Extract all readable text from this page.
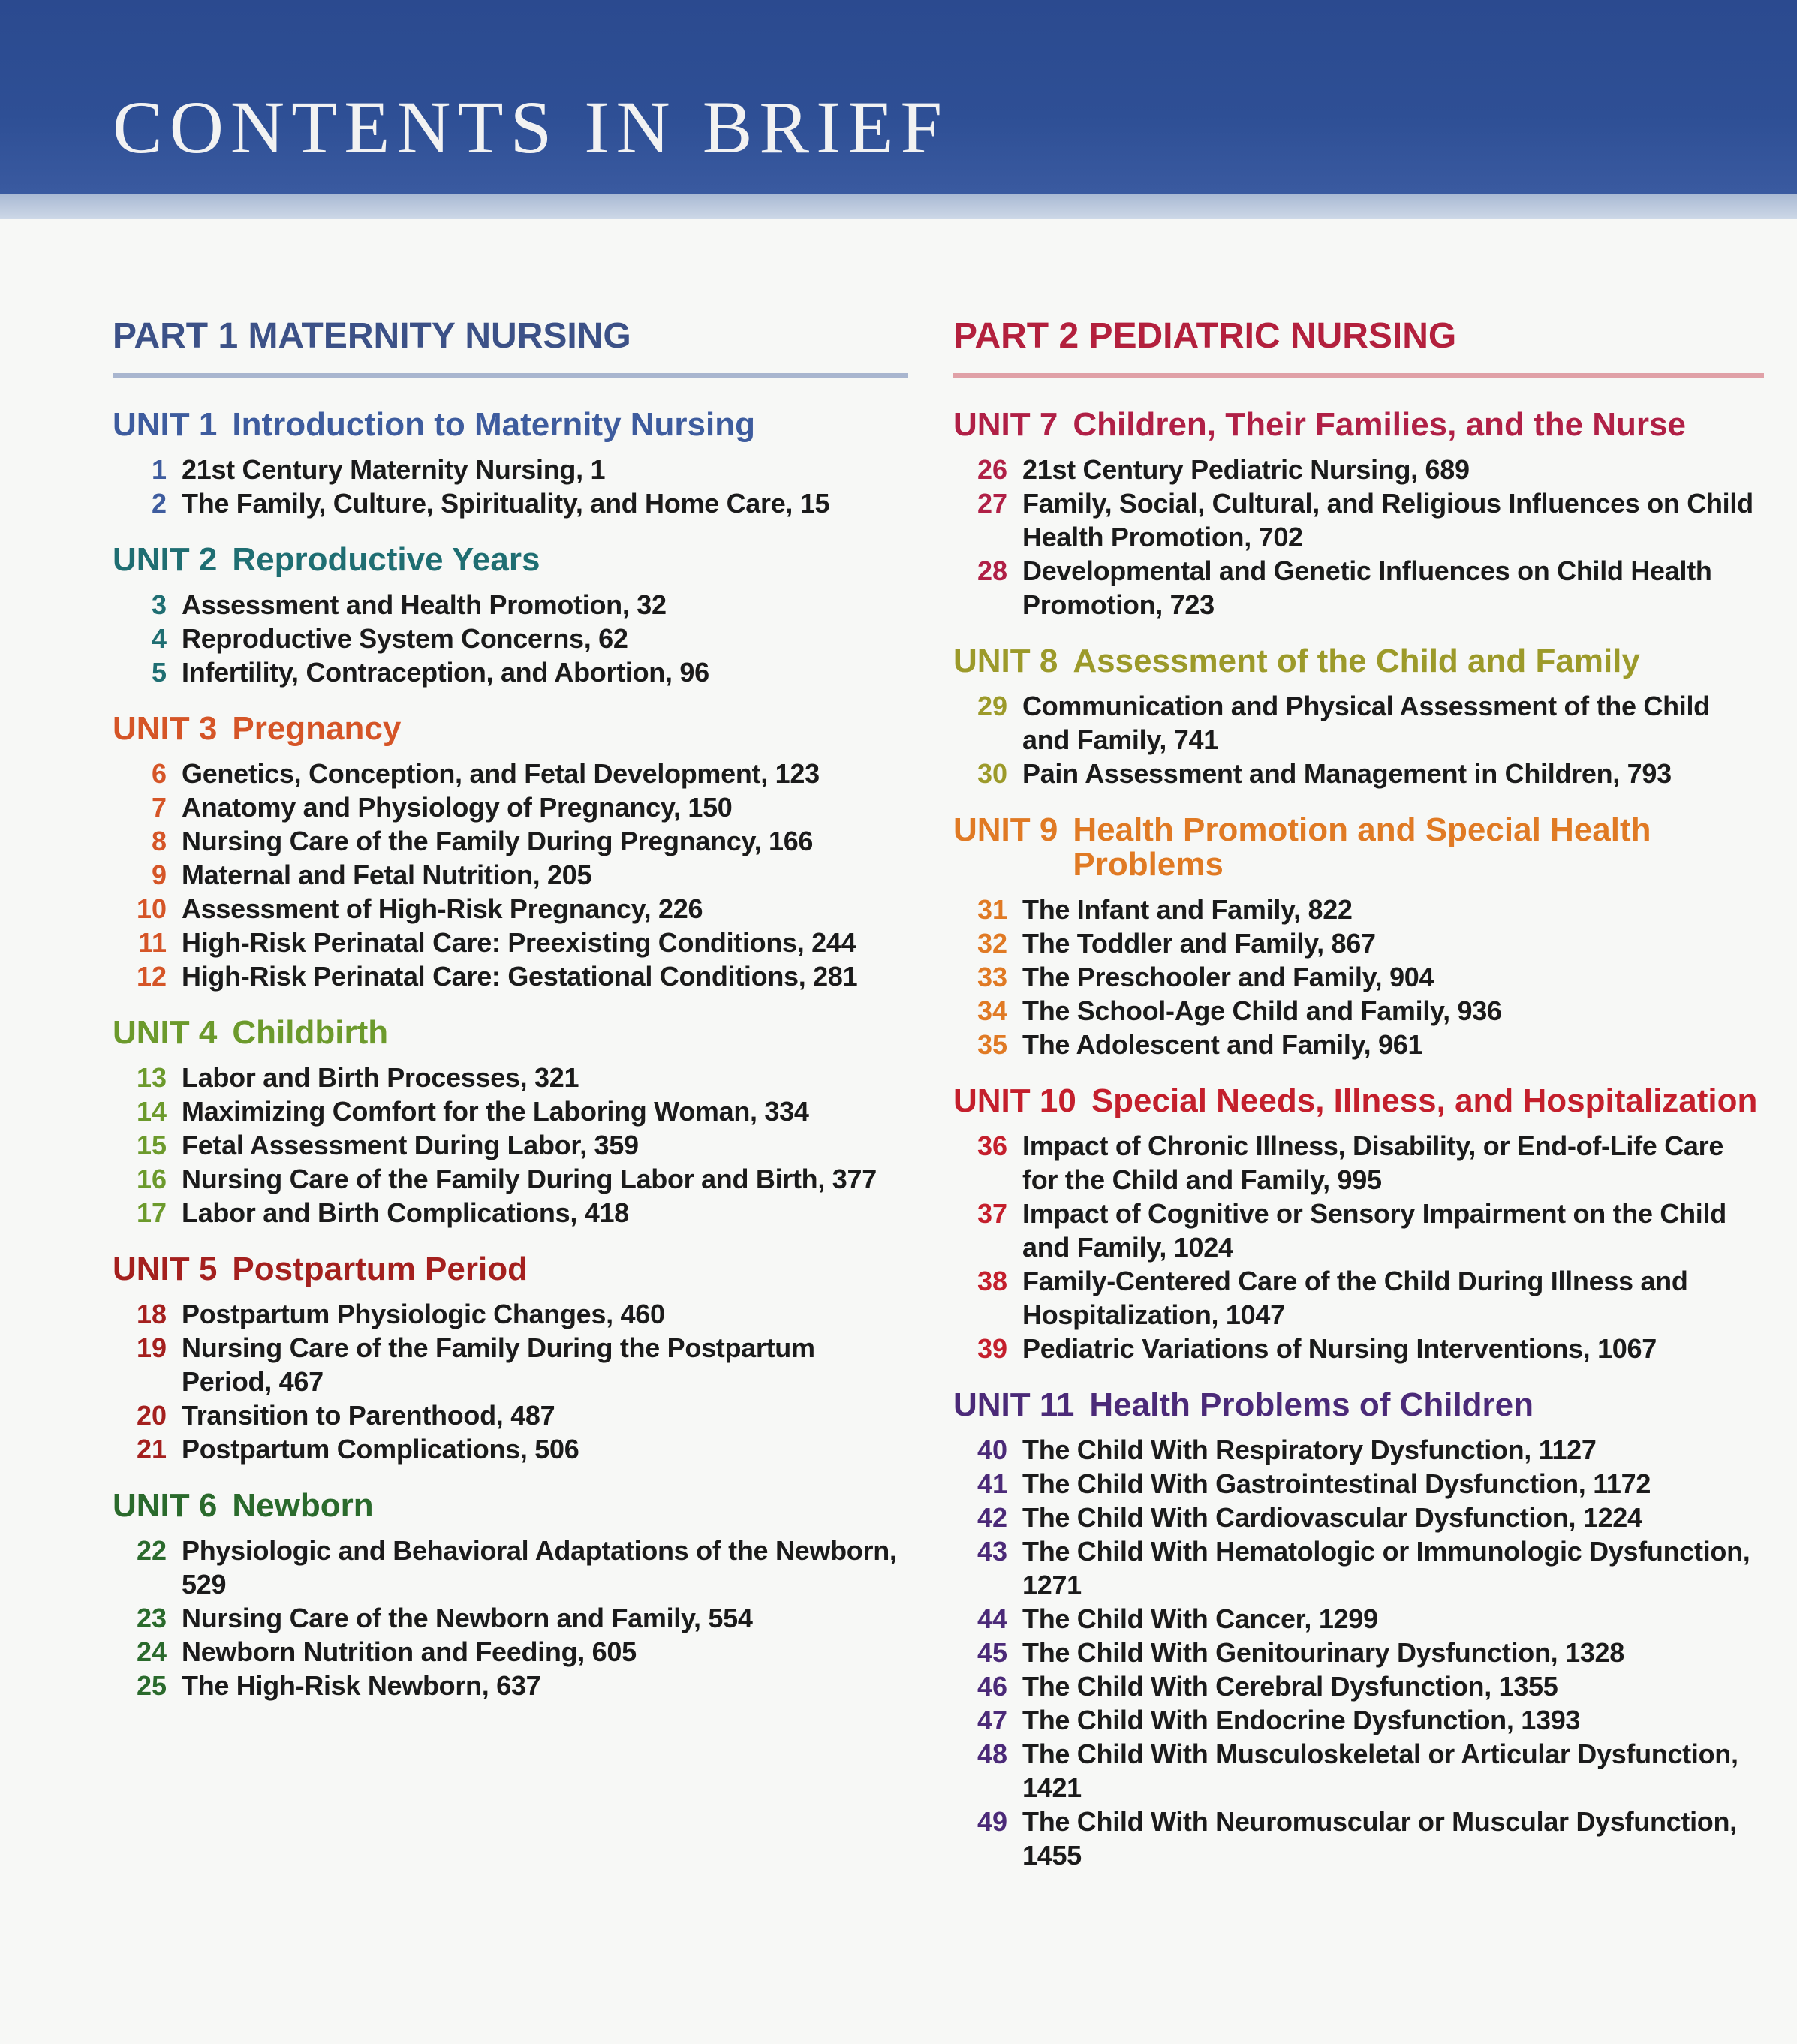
CONTENTS IN BRIEF
PART 1 MATERNITY NURSING
UNIT 1 Introduction to Maternity Nursing
1 21st Century Maternity Nursing, 1
2 The Family, Culture, Spirituality, and Home Care, 15
UNIT 2 Reproductive Years
3 Assessment and Health Promotion, 32
4 Reproductive System Concerns, 62
5 Infertility, Contraception, and Abortion, 96
UNIT 3 Pregnancy
6 Genetics, Conception, and Fetal Development, 123
7 Anatomy and Physiology of Pregnancy, 150
8 Nursing Care of the Family During Pregnancy, 166
9 Maternal and Fetal Nutrition, 205
10 Assessment of High-Risk Pregnancy, 226
11 High-Risk Perinatal Care: Preexisting Conditions, 244
12 High-Risk Perinatal Care: Gestational Conditions, 281
UNIT 4 Childbirth
13 Labor and Birth Processes, 321
14 Maximizing Comfort for the Laboring Woman, 334
15 Fetal Assessment During Labor, 359
16 Nursing Care of the Family During Labor and Birth, 377
17 Labor and Birth Complications, 418
UNIT 5 Postpartum Period
18 Postpartum Physiologic Changes, 460
19 Nursing Care of the Family During the Postpartum Period, 467
20 Transition to Parenthood, 487
21 Postpartum Complications, 506
UNIT 6 Newborn
22 Physiologic and Behavioral Adaptations of the Newborn, 529
23 Nursing Care of the Newborn and Family, 554
24 Newborn Nutrition and Feeding, 605
25 The High-Risk Newborn, 637
PART 2 PEDIATRIC NURSING
UNIT 7 Children, Their Families, and the Nurse
26 21st Century Pediatric Nursing, 689
27 Family, Social, Cultural, and Religious Influences on Child Health Promotion, 702
28 Developmental and Genetic Influences on Child Health Promotion, 723
UNIT 8 Assessment of the Child and Family
29 Communication and Physical Assessment of the Child and Family, 741
30 Pain Assessment and Management in Children, 793
UNIT 9 Health Promotion and Special Health Problems
31 The Infant and Family, 822
32 The Toddler and Family, 867
33 The Preschooler and Family, 904
34 The School-Age Child and Family, 936
35 The Adolescent and Family, 961
UNIT 10 Special Needs, Illness, and Hospitalization
36 Impact of Chronic Illness, Disability, or End-of-Life Care for the Child and Family, 995
37 Impact of Cognitive or Sensory Impairment on the Child and Family, 1024
38 Family-Centered Care of the Child During Illness and Hospitalization, 1047
39 Pediatric Variations of Nursing Interventions, 1067
UNIT 11 Health Problems of Children
40 The Child With Respiratory Dysfunction, 1127
41 The Child With Gastrointestinal Dysfunction, 1172
42 The Child With Cardiovascular Dysfunction, 1224
43 The Child With Hematologic or Immunologic Dysfunction, 1271
44 The Child With Cancer, 1299
45 The Child With Genitourinary Dysfunction, 1328
46 The Child With Cerebral Dysfunction, 1355
47 The Child With Endocrine Dysfunction, 1393
48 The Child With Musculoskeletal or Articular Dysfunction, 1421
49 The Child With Neuromuscular or Muscular Dysfunction, 1455
